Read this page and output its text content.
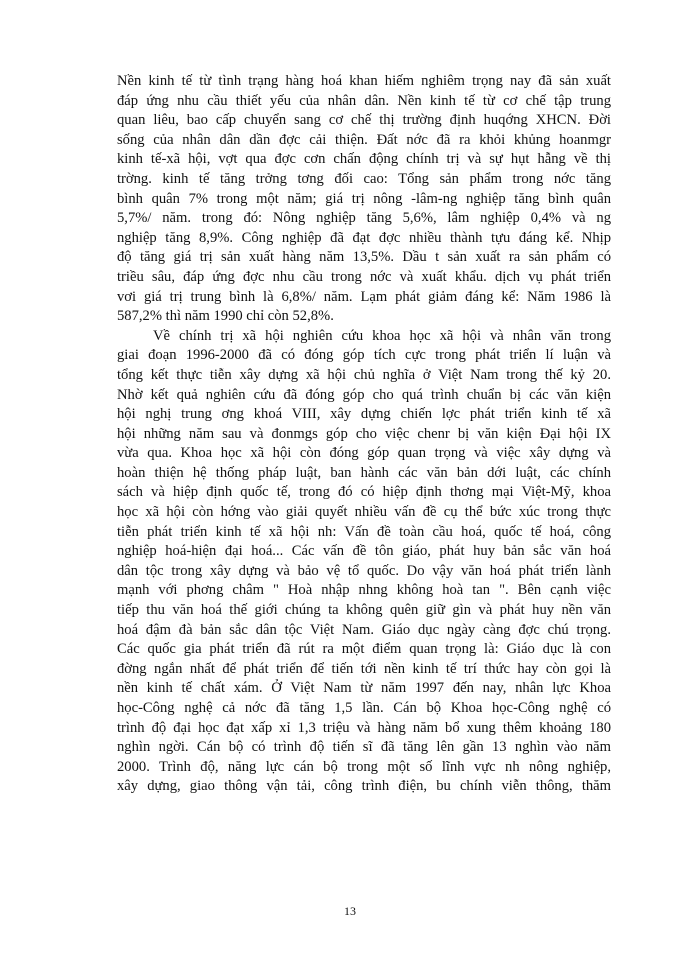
Nền kinh tế từ tình trạng hàng hoá khan hiếm nghiêm trọng nay đã sản xuất
đáp ứng nhu cầu thiết yếu của nhân dân. Nền kinh tế từ cơ chế tập trung
quan liêu, bao cấp chuyển sang cơ chế thị trường định huqớng XHCN. Đời
sống của nhân dân dần đợc cải thiện. Đất nớc đã ra khỏi khủng hoanmgr
kinh tế-xã hội, vợt qua đợc cơn chấn động chính trị và sự hụt hẫng về thị
trờng. kinh tế tăng trởng tơng đối cao: Tổng sản phẩm trong nớc tăng
bình quân 7% trong một năm; giá trị nông -lâm-ng nghiệp tăng bình quân
5,7%/ năm. trong đó: Nông nghiệp tăng 5,6%, lâm nghiệp 0,4% và ng
nghiệp tăng 8,9%. Công nghiệp đã đạt đợc nhiều thành tựu đáng kể. Nhịp
độ tăng giá trị sản xuất hàng năm 13,5%. Dầu t sản xuất ra sản phẩm có
triều sâu, đáp ứng đợc nhu cầu trong nớc và xuất khẩu. dịch vụ phát triển
vơi giá trị trung bình là 6,8%/ năm. Lạm phát giảm đáng kể: Năm 1986 là
587,2% thì năm 1990 chỉ còn 52,8%.
Về chính trị xã hội nghiên cứu khoa học xã hội và nhân văn trong
giai đoạn 1996-2000 đã có đóng góp tích cực trong phát triển lí luận và
tổng kết thực tiễn xây dựng xã hội chủ nghĩa ở Việt Nam trong thế kỷ 20.
Nhờ kết quả nghiên cứu đã đóng góp cho quá trình chuẩn bị các văn kiện
hội nghị trung ơng khoá VIII, xây dựng chiến lợc phát triển kinh tế xã
hội những năm sau và đonmgs góp cho việc chenr bị văn kiện Đại hội IX
vừa qua. Khoa học xã hội còn đóng góp quan trọng và việc xây dựng và
hoàn thiện hệ thống pháp luật, ban hành các văn bản dới luật, các chính
sách và hiệp định quốc tế, trong đó có hiệp định thơng mại Việt-Mỹ, khoa
học xã hội còn hớng vào giải quyết nhiều vấn đề cụ thể bức xúc trong thực
tiễn phát triển kinh tế xã hội nh: Vấn đề toàn cầu hoá, quốc tế hoá, công
nghiệp hoá-hiện đại hoá... Các vấn đề tôn giáo, phát huy bản sắc văn hoá
dân tộc trong xây dựng và bảo vệ tổ quốc. Do vậy văn hoá phát triển lành
mạnh với phơng châm " Hoà nhập nhng không hoà tan ". Bên cạnh việc
tiếp thu văn hoá thế giới chúng ta không quên giữ gìn và phát huy nền văn
hoá đậm đà bản sắc dân tộc Việt Nam. Giáo dục ngày càng đợc chú trọng.
Các quốc gia phát triển đã rút ra một điểm quan trọng là: Giáo dục là con
đờng ngắn nhất để phát triển để tiến tới nền kinh tế trí thức hay còn gọi là
nền kinh tế chất xám. Ở Việt Nam từ năm 1997 đến nay, nhân lực Khoa
học-Công nghệ cả nớc đã tăng 1,5 lần. Cán bộ Khoa học-Công nghệ có
trình độ đại học đạt xấp xỉ 1,3 triệu và hàng năm bổ xung thêm khoảng 180
nghìn ngời. Cán bộ có trình độ tiến sĩ đã tăng lên gần 13 nghìn vào năm
2000. Trình độ, năng lực cán bộ trong một số lĩnh vực nh nông nghiệp,
xây dựng, giao thông vận tải, công trình điện, bu chính viễn thông, thăm
13
